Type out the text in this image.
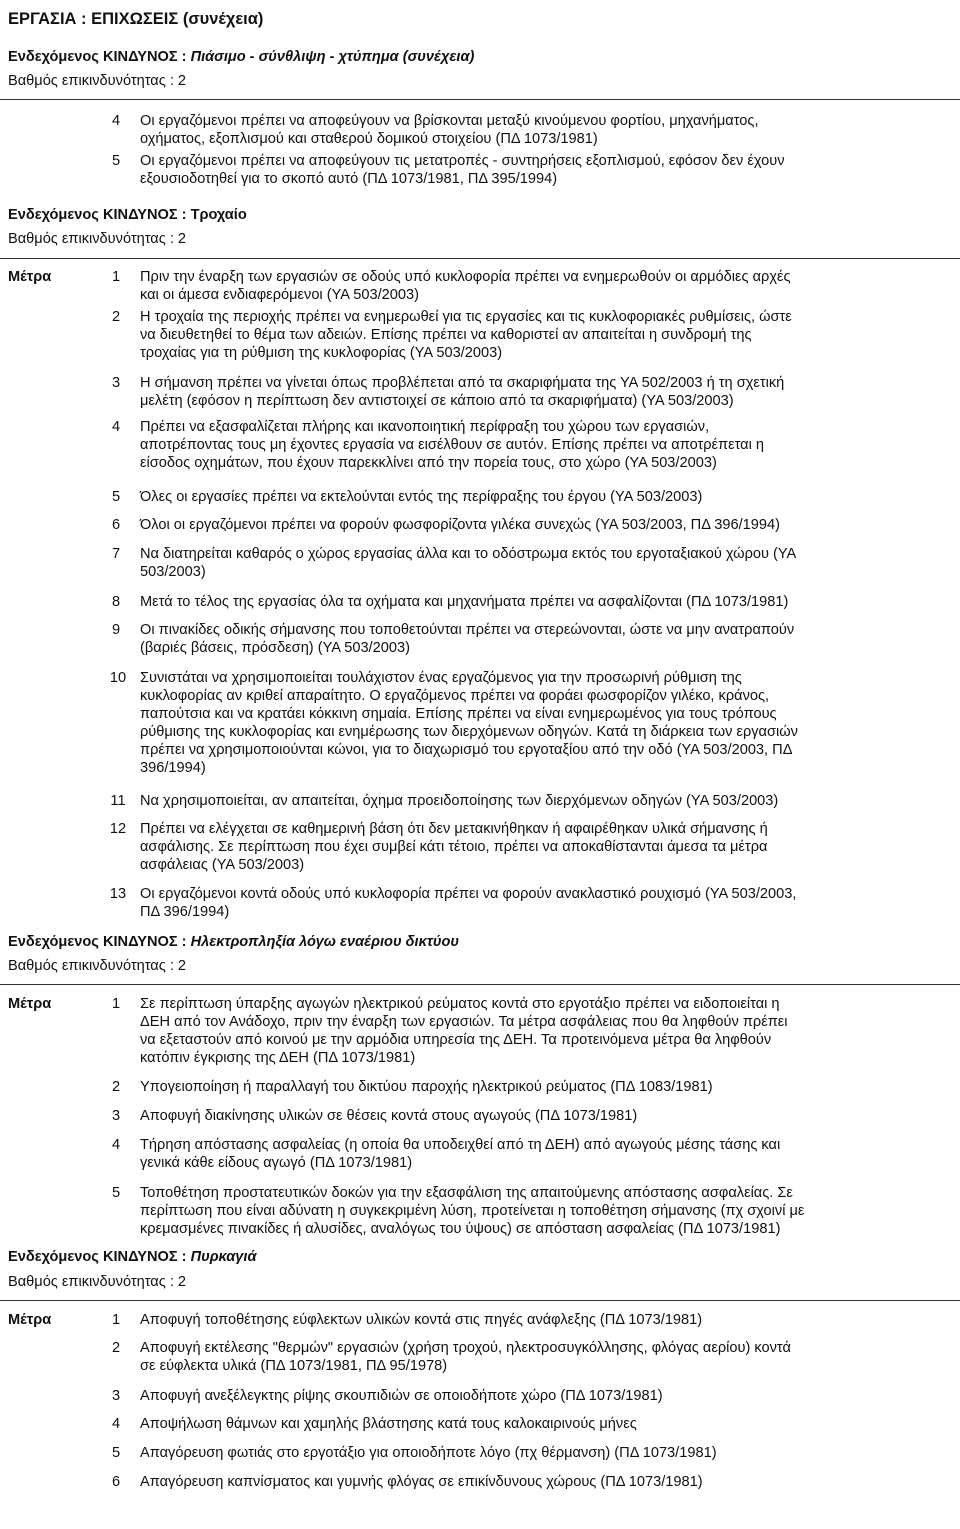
ΕΡΓΑΣΙΑ : ΕΠΙΧΩΣΕΙΣ (συνέχεια)
Ενδεχόμενος ΚΙΝΔΥΝΟΣ : Πιάσιμο - σύνθλιψη - χτύπημα (συνέχεια)
Βαθμός επικινδυνότητας : 2
4	Οι εργαζόμενοι πρέπει να αποφεύγουν να βρίσκονται μεταξύ κινούμενου φορτίου, μηχανήματος,
οχήματος, εξοπλισμού και σταθερού δομικού στοιχείου (ΠΔ 1073/1981)
5	Οι εργαζόμενοι πρέπει να αποφεύγουν τις μετατροπές - συντηρήσεις εξοπλισμού, εφόσον δεν έχουν
εξουσιοδοτηθεί για το σκοπό αυτό (ΠΔ 1073/1981, ΠΔ 395/1994)
Ενδεχόμενος ΚΙΝΔΥΝΟΣ : Τροχαίο
Βαθμός επικινδυνότητας : 2
Μέτρα	1	Πριν την έναρξη των εργασιών σε οδούς υπό κυκλοφορία πρέπει να ενημερωθούν οι αρμόδιες αρχές
και οι άμεσα ενδιαφερόμενοι (ΥΑ 503/2003)
2	Η τροχαία της περιοχής πρέπει να ενημερωθεί για τις εργασίες και τις κυκλοφοριακές ρυθμίσεις, ώστε
να διευθετηθεί το θέμα των αδειών. Επίσης πρέπει να καθοριστεί αν απαιτείται η συνδρομή της
τροχαίας για τη ρύθμιση της κυκλοφορίας (ΥΑ 503/2003)
3	Η σήμανση πρέπει να γίνεται όπως προβλέπεται από τα σκαριφήματα της ΥΑ 502/2003 ή τη σχετική
μελέτη (εφόσον η περίπτωση δεν αντιστοιχεί σε κάποιο από τα σκαριφήματα) (ΥΑ 503/2003)
4	Πρέπει να εξασφαλίζεται πλήρης και ικανοποιητική περίφραξη του χώρου των εργασιών,
αποτρέποντας τους μη έχοντες εργασία να εισέλθουν σε αυτόν. Επίσης πρέπει να αποτρέπεται η
είσοδος οχημάτων, που έχουν παρεκκλίνει από την πορεία τους, στο χώρο (ΥΑ 503/2003)
5	Όλες οι εργασίες πρέπει να εκτελούνται εντός της περίφραξης του έργου (ΥΑ 503/2003)
6	Όλοι οι εργαζόμενοι πρέπει να φορούν φωσφορίζοντα γιλέκα συνεχώς (ΥΑ 503/2003, ΠΔ 396/1994)
7	Να διατηρείται καθαρός ο χώρος εργασίας άλλα και το οδόστρωμα εκτός του εργοταξιακού χώρου (ΥΑ
503/2003)
8	Μετά το τέλος της εργασίας όλα τα οχήματα και μηχανήματα πρέπει να ασφαλίζονται (ΠΔ 1073/1981)
9	Οι πινακίδες οδικής σήμανσης που τοποθετούνται πρέπει να στερεώνονται, ώστε να μην ανατραπούν
(βαριές βάσεις, πρόσδεση) (ΥΑ 503/2003)
10 Συνιστάται να χρησιμοποιείται τουλάχιστον ένας εργαζόμενος για την προσωρινή ρύθμιση της
κυκλοφορίας αν κριθεί απαραίτητο. Ο εργαζόμενος πρέπει να φοράει φωσφορίζον γιλέκο, κράνος,
παπούτσια και να κρατάει κόκκινη σημαία. Επίσης πρέπει να είναι ενημερωμένος για τους τρόπους
ρύθμισης της κυκλοφορίας και ενημέρωσης των διερχόμενων οδηγών. Κατά τη διάρκεια των εργασιών
πρέπει να χρησιμοποιούνται κώνοι, για το διαχωρισμό του εργοταξίου από την οδό (ΥΑ 503/2003, ΠΔ
396/1994)
11 Να χρησιμοποιείται, αν απαιτείται, όχημα προειδοποίησης των διερχόμενων οδηγών (ΥΑ 503/2003)
12 Πρέπει να ελέγχεται σε καθημερινή βάση ότι δεν μετακινήθηκαν ή αφαιρέθηκαν υλικά σήμανσης ή
ασφάλισης. Σε περίπτωση που έχει συμβεί κάτι τέτοιο, πρέπει να αποκαθίστανται άμεσα τα μέτρα
ασφάλειας (ΥΑ 503/2003)
13 Οι εργαζόμενοι κοντά οδούς υπό κυκλοφορία πρέπει να φορούν ανακλαστικό ρουχισμό (ΥΑ 503/2003,
ΠΔ 396/1994)
Ενδεχόμενος ΚΙΝΔΥΝΟΣ : Ηλεκτροπληξία λόγω εναέριου δικτύου
Βαθμός επικινδυνότητας : 2
Μέτρα	1	Σε περίπτωση ύπαρξης αγωγών ηλεκτρικού ρεύματος κοντά στο εργοτάξιο πρέπει να ειδοποιείται η
ΔΕΗ από τον Ανάδοχο, πριν την έναρξη των εργασιών. Τα μέτρα ασφάλειας που θα ληφθούν πρέπει
να εξεταστούν από κοινού με την αρμόδια υπηρεσία της ΔΕΗ. Τα προτεινόμενα μέτρα θα ληφθούν
κατόπιν έγκρισης της ΔΕΗ (ΠΔ 1073/1981)
2	Υπογειοποίηση ή παραλλαγή του δικτύου παροχής ηλεκτρικού ρεύματος (ΠΔ 1083/1981)
3	Αποφυγή διακίνησης υλικών σε θέσεις κοντά στους αγωγούς (ΠΔ 1073/1981)
4	Τήρηση απόστασης ασφαλείας (η οποία θα υποδειχθεί από τη ΔΕΗ) από αγωγούς μέσης τάσης και
γενικά κάθε είδους αγωγό (ΠΔ 1073/1981)
5	Τοποθέτηση προστατευτικών δοκών για την εξασφάλιση της απαιτούμενης απόστασης ασφαλείας. Σε
περίπτωση που είναι αδύνατη η συγκεκριμένη λύση, προτείνεται η τοποθέτηση σήμανσης (πχ σχοινί με
κρεμασμένες πινακίδες ή αλυσίδες, αναλόγως του ύψους) σε απόσταση ασφαλείας (ΠΔ 1073/1981)
Ενδεχόμενος ΚΙΝΔΥΝΟΣ : Πυρκαγιά
Βαθμός επικινδυνότητας : 2
Μέτρα	1	Αποφυγή τοποθέτησης εύφλεκτων υλικών κοντά στις πηγές ανάφλεξης (ΠΔ 1073/1981)
2	Αποφυγή εκτέλεσης "θερμών" εργασιών (χρήση τροχού, ηλεκτροσυγκόλλησης, φλόγας αερίου) κοντά
σε εύφλεκτα υλικά (ΠΔ 1073/1981, ΠΔ 95/1978)
3	Αποφυγή ανεξέλεγκτης ρίψης σκουπιδιών σε οποιοδήποτε χώρο (ΠΔ 1073/1981)
4	Αποψήλωση θάμνων και χαμηλής βλάστησης κατά τους καλοκαιρινούς μήνες
5	Απαγόρευση φωτιάς στο εργοτάξιο για οποιοδήποτε λόγο (πχ θέρμανση) (ΠΔ 1073/1981)
6	Απαγόρευση καπνίσματος και γυμνής φλόγας σε επικίνδυνους χώρους (ΠΔ 1073/1981)
